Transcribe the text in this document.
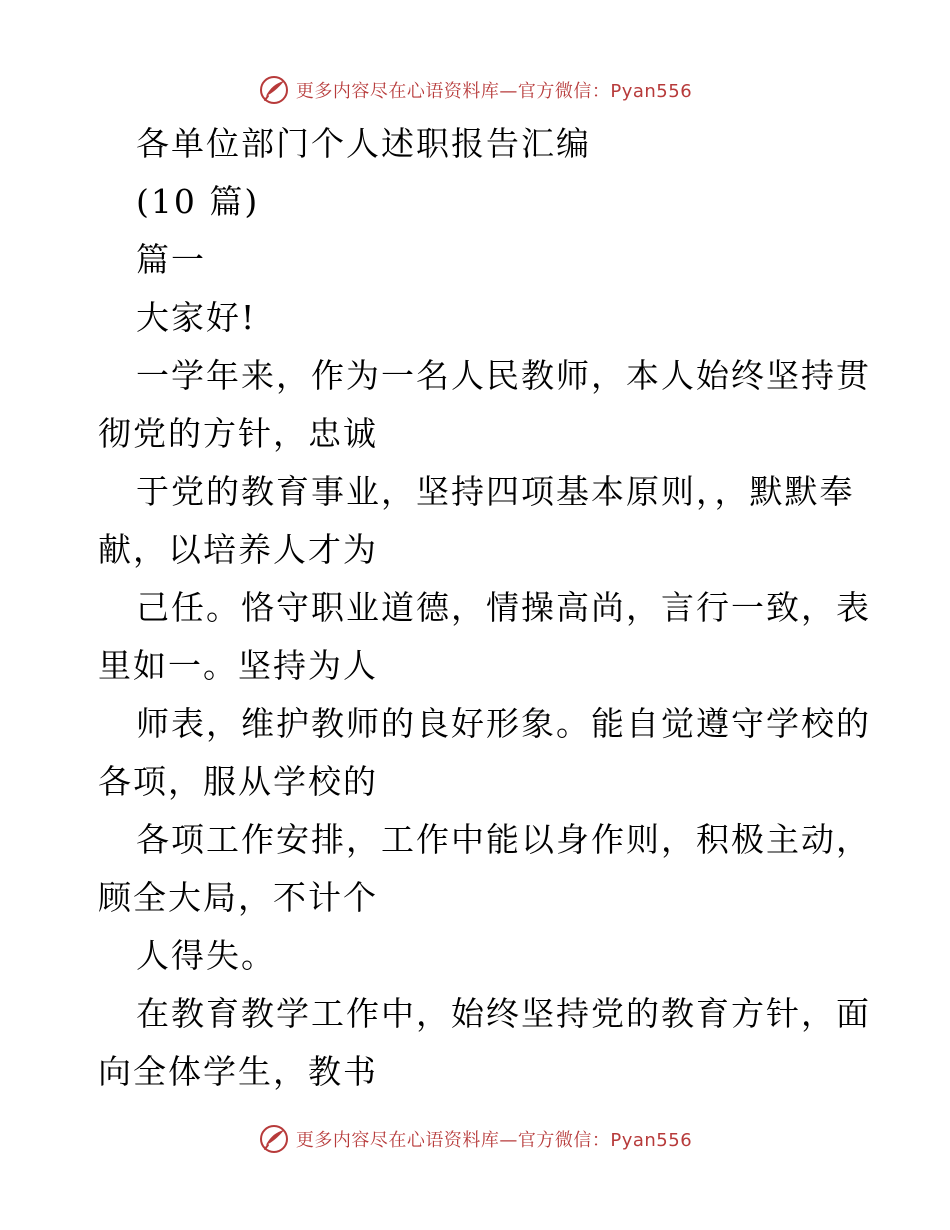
更多内容尽在心语资料库—官方微信：Pyan556
各单位部门个人述职报告汇编
(10 篇)
篇一
大家好!
一学年来，作为一名人民教师，本人始终坚持贯
彻党的方针，忠诚
于党的教育事业，坚持四项基本原则，，默默奉
献，以培养人才为
己任。恪守职业道德，情操高尚，言行一致，表
里如一。坚持为人
师表，维护教师的良好形象。能自觉遵守学校的
各项，服从学校的
各项工作安排，工作中能以身作则，积极主动，
顾全大局，不计个
人得失。
在教育教学工作中，始终坚持党的教育方针，面
向全体学生，教书
更多内容尽在心语资料库—官方微信：Pyan556
